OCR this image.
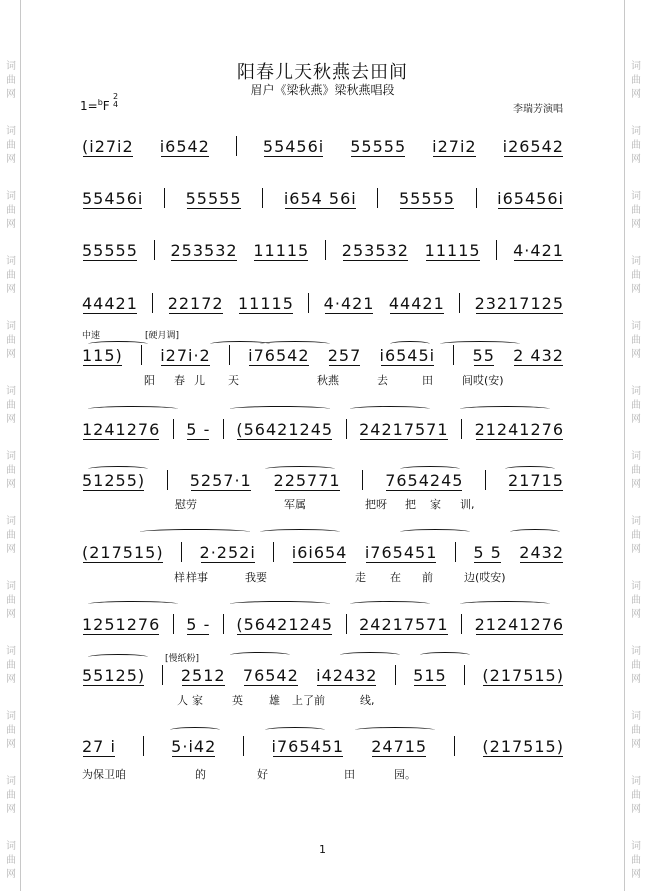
词
曲
网
词
曲
网
词
曲
网
词
曲
网
词
曲
网
词
曲
网
词
曲
网
词
曲
网
词
曲
网
词
曲
网
词
曲
网
词
曲
网
词
曲
网
词
曲
网
词
曲
网
词
曲
网
词
曲
网
词
曲
网
词
曲
网
词
曲
网
词
曲
网
词
曲
网
词
曲
网
词
曲
网
词
曲
网
词
曲
网
阳春儿天秋燕去田间
眉户《梁秋燕》梁秋燕唱段
1=$^b$F
2
4	李瑞芳演唱
中速	[硬月调]
[慢纸粉]
(i27i2 i6542	55456i 55555 i27i2 i26542
55456i	55555	i654 56i	55555	i65456i
55555 253532 11115 253532 11115 4·421
44421 22172 11115 4·421 44421 23217125
115) i27i·2 i76542 257 i6545i 55 2 432
1241276 5 - (56421245 24217571 21241276
51255)	5257·1 225771	7654245	21715
(217515) 2·252i i6i654 i765451 5 5 2432
1251276 5 - (56421245 24217571 21241276
55125) 2512 76542 i42432 515 (217515)
27 i	5·i42	i765451 24715	(217515)
阳 春 儿 天	秋燕	去	田	间哎(安)
慰劳	军属	把呀 把 家 训,
样 样事	我要	走 在 前	边(哎安)
人 家	英 雄 上了前	线,
为保卫咱	的	好	田	园。
1
